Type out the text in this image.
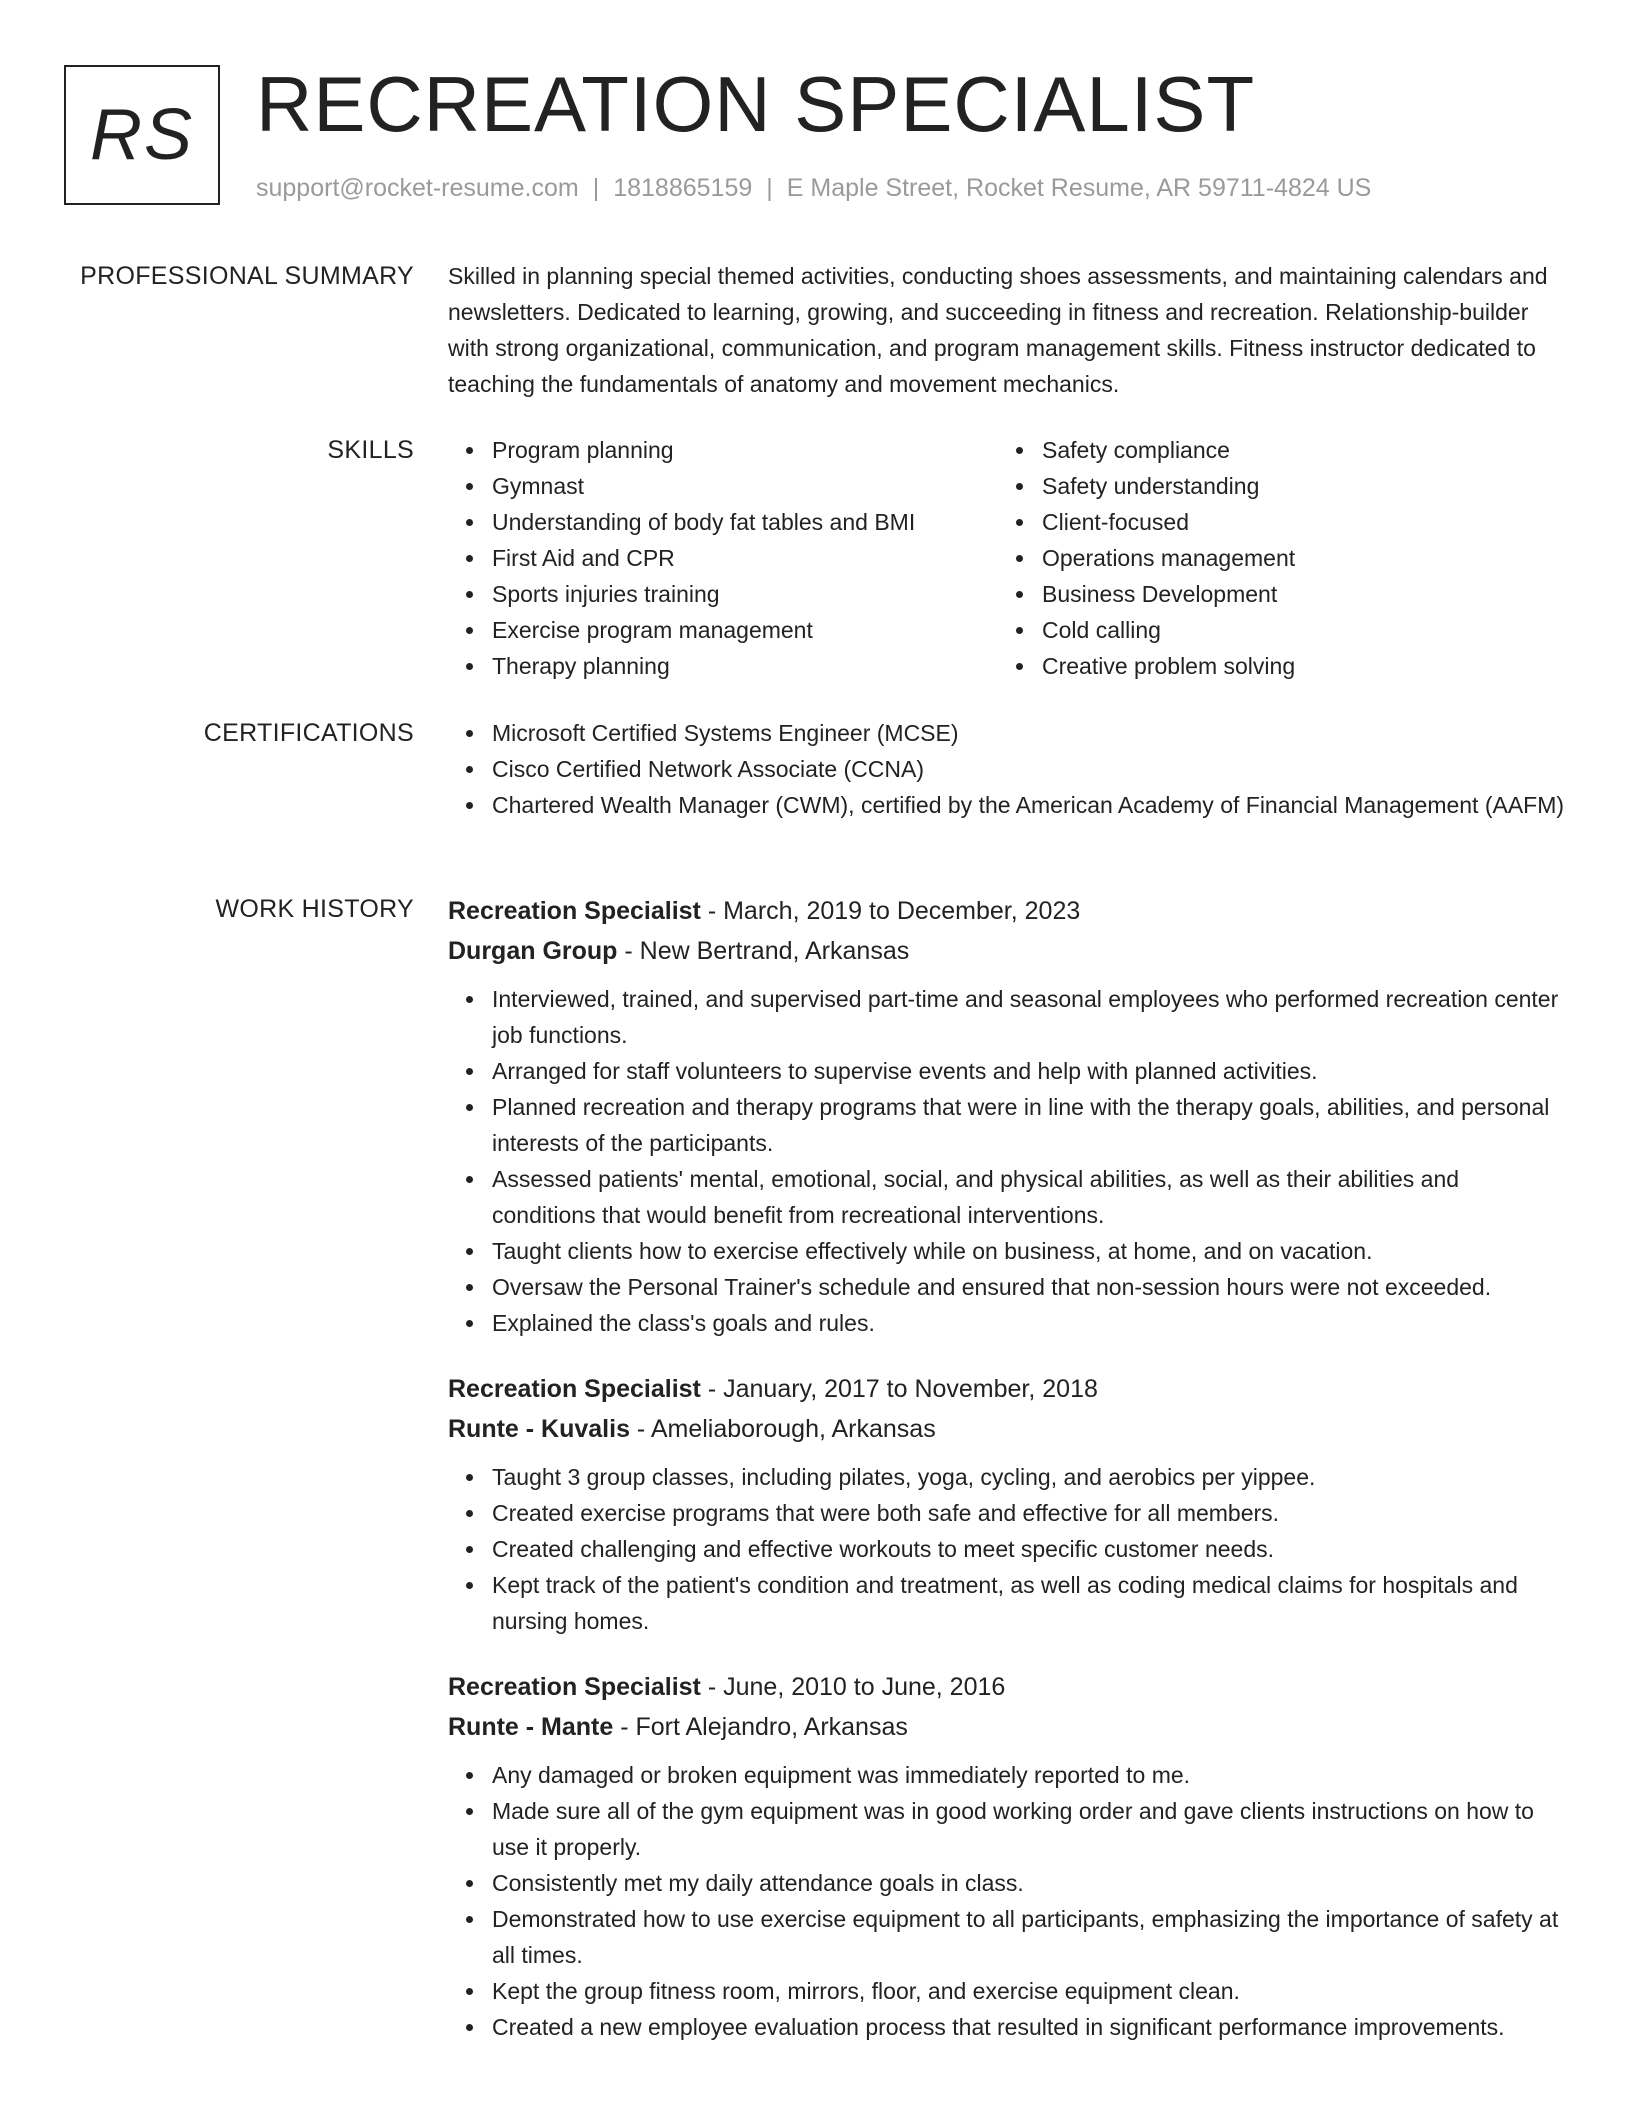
RS RECREATION SPECIALIST
support@rocket-resume.com | 1818865159 | E Maple Street, Rocket Resume, AR 59711-4824 US
PROFESSIONAL SUMMARY Skilled in planning special themed activities, conducting shoes assessments, and maintaining calendars and newsletters. Dedicated to learning, growing, and succeeding in fitness and recreation. Relationship-builder with strong organizational, communication, and program management skills. Fitness instructor dedicated to teaching the fundamentals of anatomy and movement mechanics.

SKILLS	Program planning
Gymnast
Understanding of body fat tables and BMI
First Aid and CPR
Sports injuries training
Exercise program management
Therapy planning
Safety compliance
Safety understanding
Client-focused
Operations management
Business Development
Cold calling
Creative problem solving
CERTIFICATIONS	Microsoft Certified Systems Engineer (MCSE)
Cisco Certified Network Associate (CCNA)
Chartered Wealth Manager (CWM), certified by the American Academy of Financial Management (AAFM)
WORK HISTORY Recreation Specialist - March, 2019 to December, 2023
Durgan Group - New Bertrand, Arkansas
Interviewed, trained, and supervised part-time and seasonal employees who performed recreation center job functions.
Arranged for staff volunteers to supervise events and help with planned activities.
Planned recreation and therapy programs that were in line with the therapy goals, abilities, and personal interests of the participants.
Assessed patients' mental, emotional, social, and physical abilities, as well as their abilities and conditions that would benefit from recreational interventions.
Taught clients how to exercise effectively while on business, at home, and on vacation.
Oversaw the Personal Trainer's schedule and ensured that non-session hours were not exceeded.
Explained the class's goals and rules.
Recreation Specialist - January, 2017 to November, 2018
Runte - Kuvalis - Ameliaborough, Arkansas
Taught 3 group classes, including pilates, yoga, cycling, and aerobics per yippee.
Created exercise programs that were both safe and effective for all members.
Created challenging and effective workouts to meet specific customer needs.
Kept track of the patient's condition and treatment, as well as coding medical claims for hospitals and nursing homes.
Recreation Specialist - June, 2010 to June, 2016
Runte - Mante - Fort Alejandro, Arkansas
Any damaged or broken equipment was immediately reported to me.
Made sure all of the gym equipment was in good working order and gave clients instructions on how to use it properly.
Consistently met my daily attendance goals in class.
Demonstrated how to use exercise equipment to all participants, emphasizing the importance of safety at all times.
Kept the group fitness room, mirrors, floor, and exercise equipment clean.
Created a new employee evaluation process that resulted in significant performance improvements.
